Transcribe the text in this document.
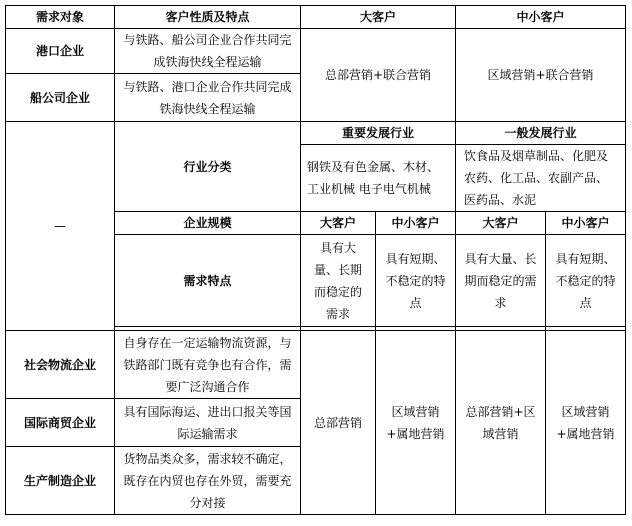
需求对象	客户性质及特点	大客户		中小客户	
港口企业	与铁路、船公司企业合作共同完成铁海快线全程运输	总部营销+联合营销		区域营销+联合营销	
船公司企业	与铁路、港口企业合作共同完成铁海快线全程运输				
—	行业分类	重要发展行业		一般发展行业	
		钢铁及有色金属、木材、工业机械 电子电气机械		饮食品及烟草制品、化肥及农药、化工品、农副产品、医药品、水泥	
	企业规模	大客户	中小客户	大客户	中小客户
	需求特点	具有大量、长期而稳定的需求	具有短期、不稳定的特点	具有大量、长期而稳定的需求	具有短期、不稳定的特点

社会物流企业	自身存在一定运输物流资源，与铁路部门既有竞争也有合作，需要广泛沟通合作	总部营销	区域营销+属地营销	总部营销+区域营销	区域营销+属地营销
国际商贸企业	具有国际海运、进出口报关等国际运输需求				
生产制造企业	货物品类众多，需求较不确定，既存在内贸也存在外贸，需要充分对接				
